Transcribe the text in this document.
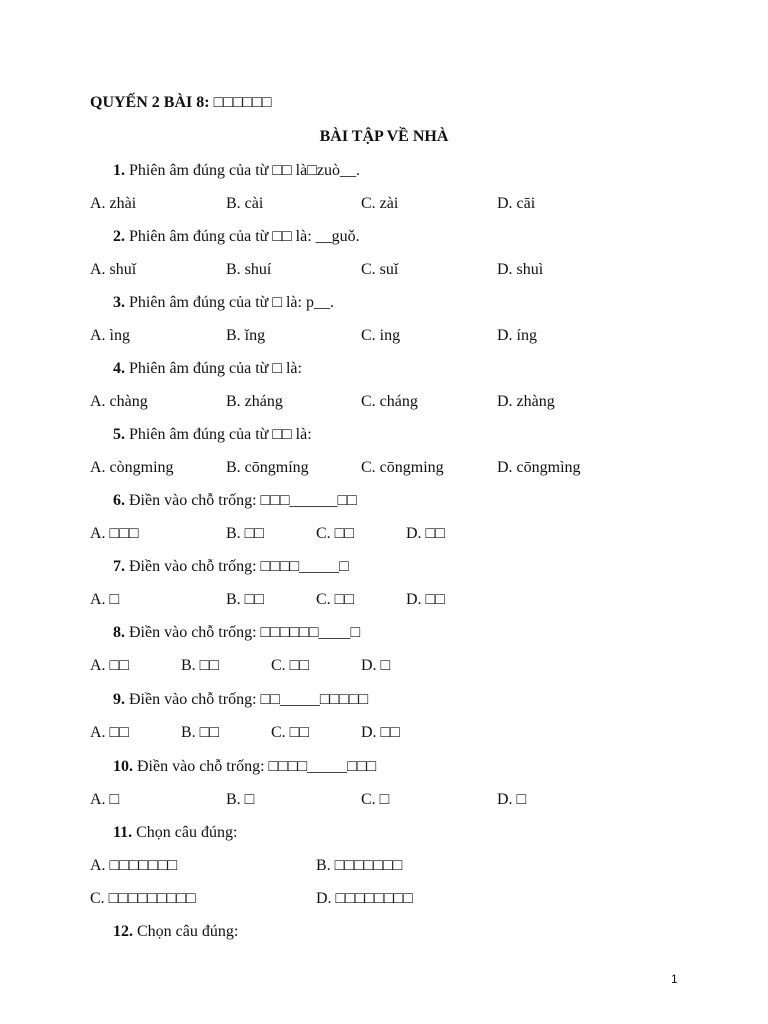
QUYẾN 2 BÀI 8: □□□□□□
BÀI TẬP VỀ NHÀ
1. Phiên âm đúng của từ □□ là□zuò__.
A. zhài	B. cài	C. zài	D. cāi
2. Phiên âm đúng của từ □□ là: __guǒ.
A. shuǐ	B. shuí	C. suǐ	D. shuì
3. Phiên âm đúng của từ □ là: p__.
A. ìng	B. ǐng	C. ing	D. íng
4. Phiên âm đúng của từ □ là:
A. chàng	B. zháng	C. cháng	D. zhàng
5. Phiên âm đúng của từ □□ là:
A. còngming	B. cōngmíng	C. cōngming	D. cōngmìng
6. Điền vào chỗ trống: □□□______□□
A. □□□	B. □□	C. □□	D. □□
7. Điền vào chỗ trống: □□□□_____□
A. □	B. □□	C. □□	D. □□
8. Điền vào chỗ trống: □□□□□□____□
A. □□	B. □□	C. □□	D. □
9. Điền vào chỗ trống: □□_____□□□□□
A. □□	B. □□	C. □□	D. □□
10. Điền vào chỗ trống: □□□□_____□□□
A. □	B. □	C. □	D. □
11. Chọn câu đúng:
A. □□□□□□□	B. □□□□□□□
C. □□□□□□□□□	D. □□□□□□□□
12. Chọn câu đúng:
1
